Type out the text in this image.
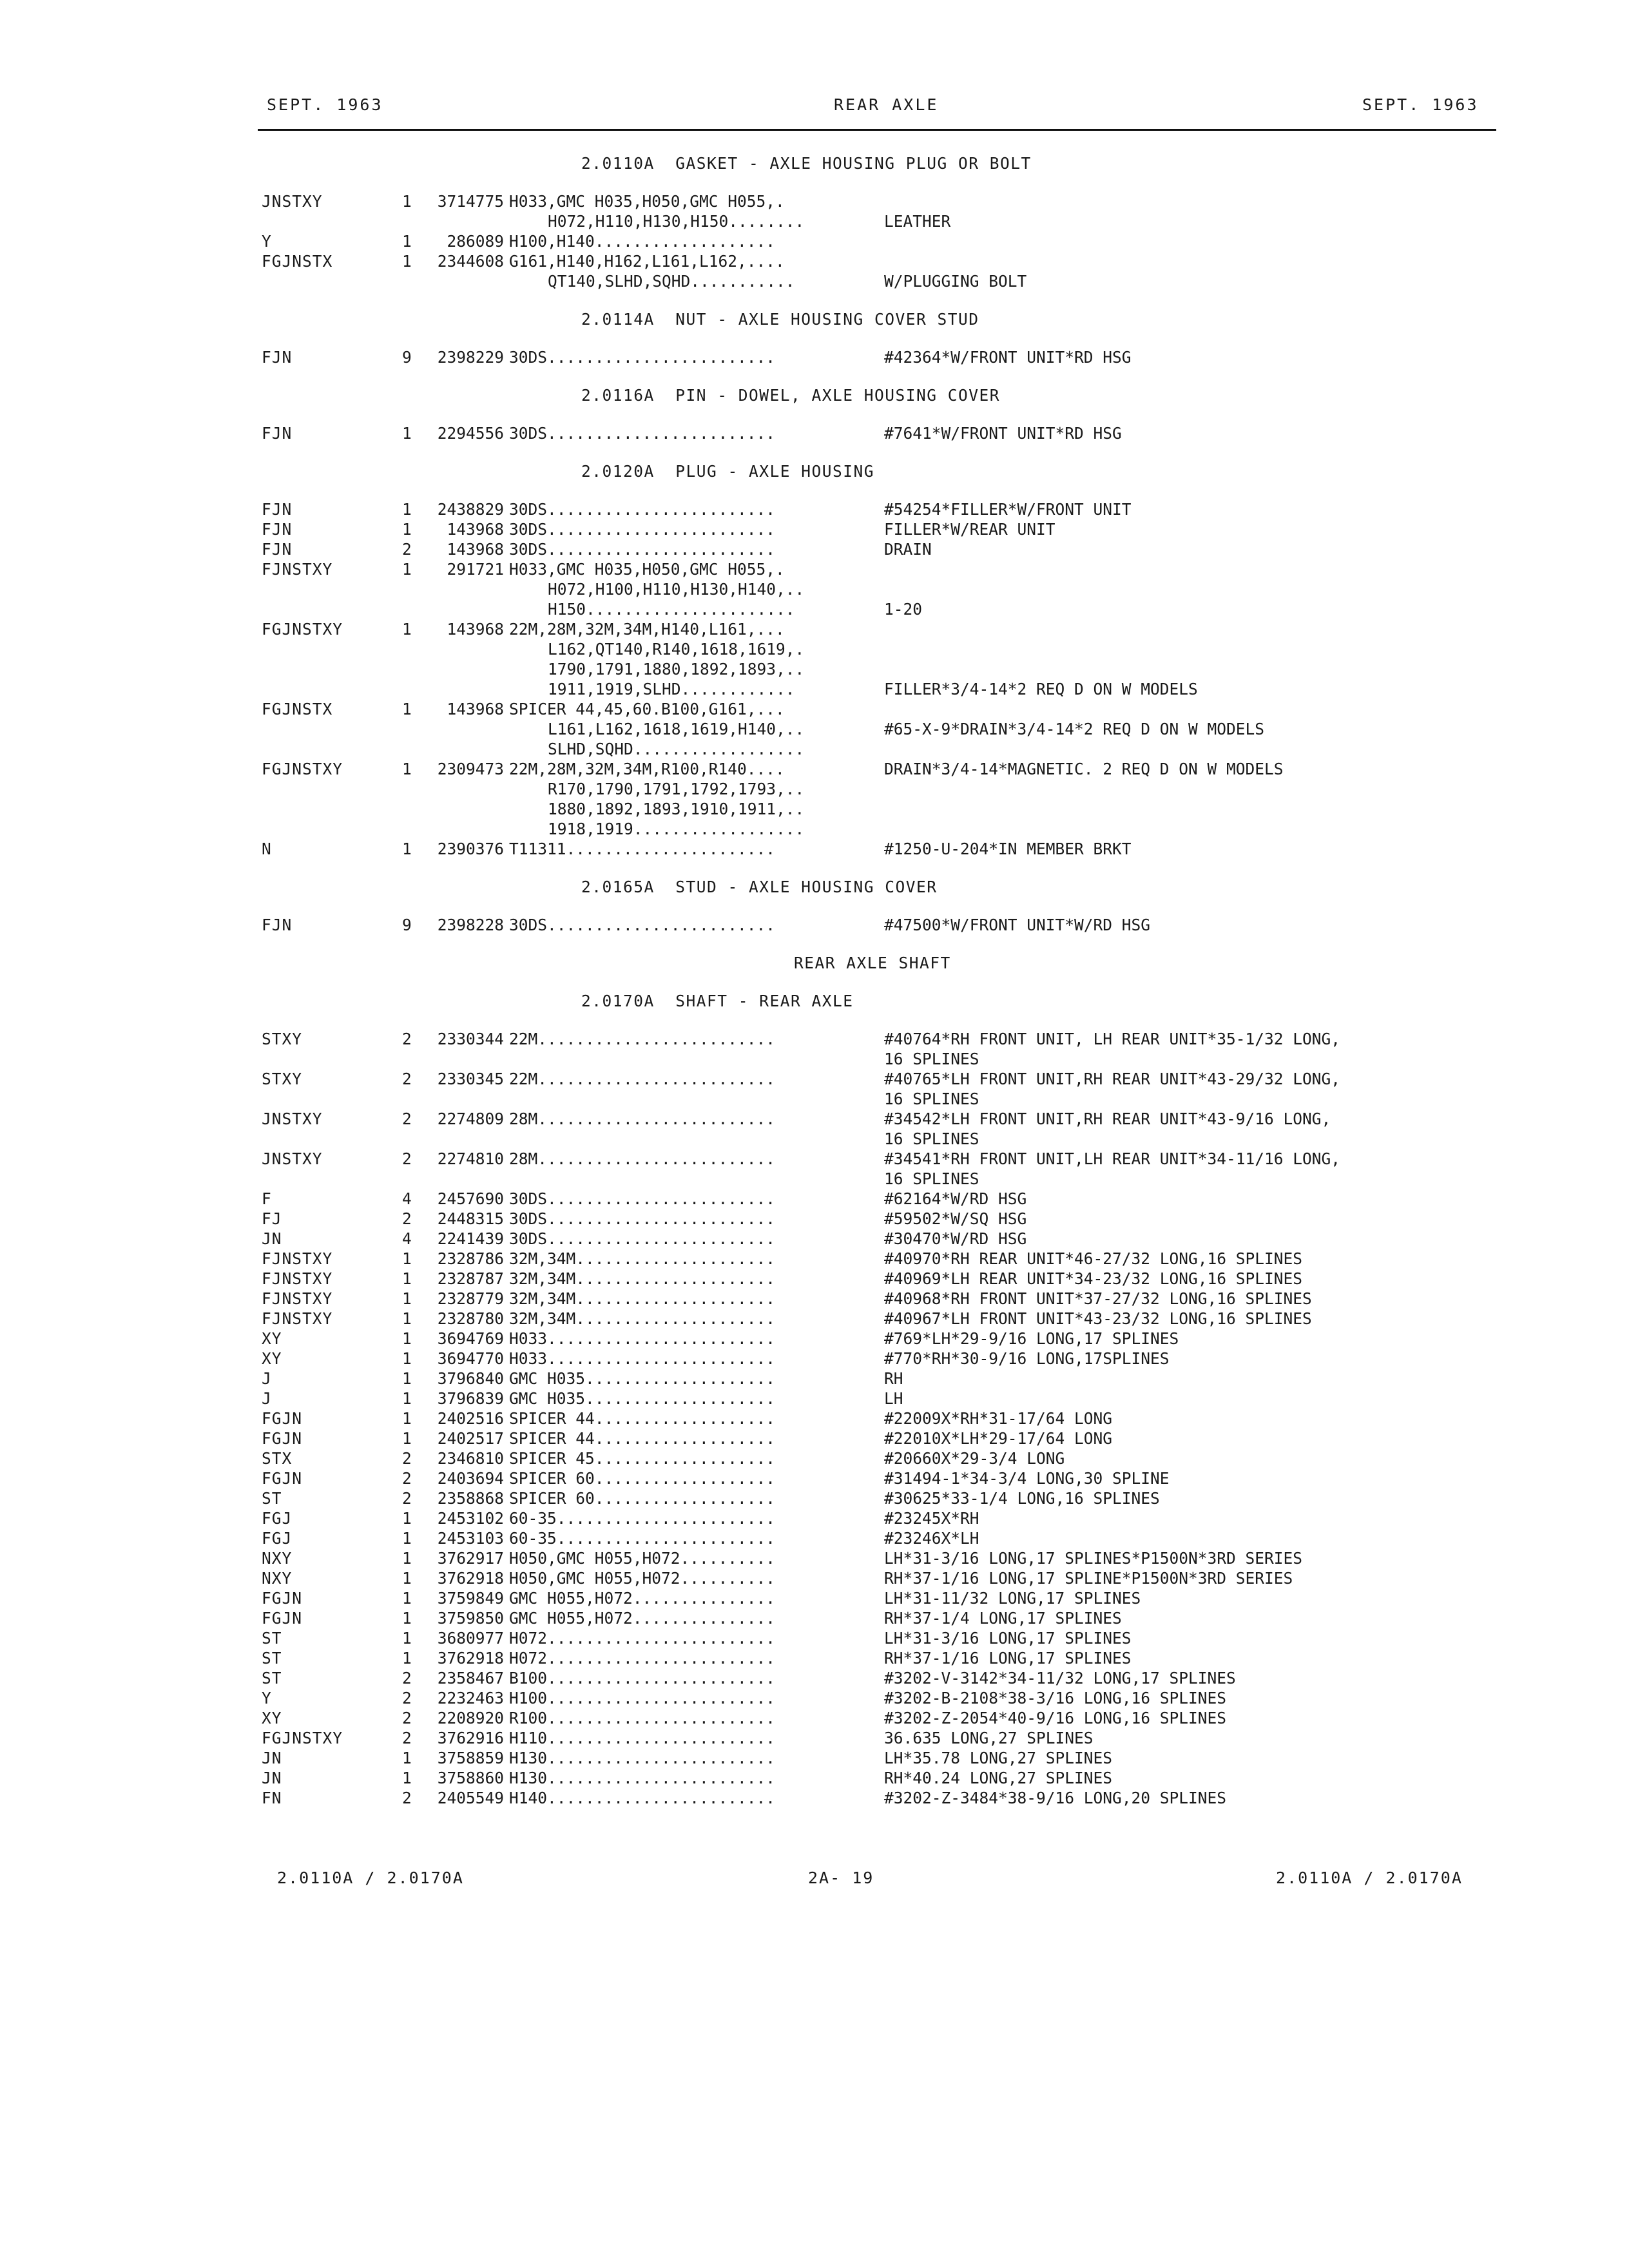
SEPT. 1963	REAR AXLE	SEPT. 1963
2.0110A  GASKET - AXLE HOUSING PLUG OR BOLT
JNSTXY	1	3714775 H033,GMC H035,H050,GMC H055,.
H072,H110,H130,H150........	LEATHER
Y	1	286089 H100,H140...................
FGJNSTX	1	2344608 G161,H140,H162,L161,L162,....
QT140,SLHD,SQHD...........	W/PLUGGING BOLT
2.0114A  NUT - AXLE HOUSING COVER STUD
FJN	9	2398229 30DS........................	#42364*W/FRONT UNIT*RD HSG
2.0116A  PIN - DOWEL, AXLE HOUSING COVER
FJN	1	2294556 30DS........................	#7641*W/FRONT UNIT*RD HSG
2.0120A  PLUG - AXLE HOUSING
FJN	1	2438829 30DS........................	#54254*FILLER*W/FRONT UNIT
FJN	1	143968 30DS........................	FILLER*W/REAR UNIT
FJN	2	143968 30DS........................	DRAIN
FJNSTXY	1	291721 H033,GMC H035,H050,GMC H055,.
H072,H100,H110,H130,H140,..
H150......................	1-20
FGJNSTXY	1	143968 22M,28M,32M,34M,H140,L161,...
L162,QT140,R140,1618,1619,.
1790,1791,1880,1892,1893,..
1911,1919,SLHD............	FILLER*3/4-14*2 REQ D ON W MODELS
FGJNSTX	1	143968 SPICER 44,45,60.B100,G161,...
L161,L162,1618,1619,H140,..	#65-X-9*DRAIN*3/4-14*2 REQ D ON W MODELS
SLHD,SQHD..................
FGJNSTXY	1	2309473 22M,28M,32M,34M,R100,R140....	DRAIN*3/4-14*MAGNETIC. 2 REQ D ON W MODELS
R170,1790,1791,1792,1793,..
1880,1892,1893,1910,1911,..
1918,1919..................
N	1	2390376 T11311......................	#1250-U-204*IN MEMBER BRKT
2.0165A  STUD - AXLE HOUSING COVER
FJN	9	2398228 30DS........................	#47500*W/FRONT UNIT*W/RD HSG
REAR AXLE SHAFT
2.0170A  SHAFT - REAR AXLE
STXY	2	2330344 22M.........................	#40764*RH FRONT UNIT, LH REAR UNIT*35-1/32 LONG,
16 SPLINES
STXY	2	2330345 22M.........................	#40765*LH FRONT UNIT,RH REAR UNIT*43-29/32 LONG,
16 SPLINES
JNSTXY	2	2274809 28M.........................	#34542*LH FRONT UNIT,RH REAR UNIT*43-9/16 LONG,
16 SPLINES
JNSTXY	2	2274810 28M.........................	#34541*RH FRONT UNIT,LH REAR UNIT*34-11/16 LONG,
16 SPLINES
F	4	2457690 30DS........................	#62164*W/RD HSG
FJ	2	2448315 30DS........................	#59502*W/SQ HSG
JN	4	2241439 30DS........................	#30470*W/RD HSG
FJNSTXY	1	2328786 32M,34M.....................	#40970*RH REAR UNIT*46-27/32 LONG,16 SPLINES
FJNSTXY	1	2328787 32M,34M.....................	#40969*LH REAR UNIT*34-23/32 LONG,16 SPLINES
FJNSTXY	1	2328779 32M,34M.....................	#40968*RH FRONT UNIT*37-27/32 LONG,16 SPLINES
FJNSTXY	1	2328780 32M,34M.....................	#40967*LH FRONT UNIT*43-23/32 LONG,16 SPLINES
XY	1	3694769 H033........................	#769*LH*29-9/16 LONG,17 SPLINES
XY	1	3694770 H033........................	#770*RH*30-9/16 LONG,17SPLINES
J	1	3796840 GMC H035....................	RH
J	1	3796839 GMC H035....................	LH
FGJN	1	2402516 SPICER 44...................	#22009X*RH*31-17/64 LONG
FGJN	1	2402517 SPICER 44...................	#22010X*LH*29-17/64 LONG
STX	2	2346810 SPICER 45...................	#20660X*29-3/4 LONG
FGJN	2	2403694 SPICER 60...................	#31494-1*34-3/4 LONG,30 SPLINE
ST	2	2358868 SPICER 60...................	#30625*33-1/4 LONG,16 SPLINES
FGJ	1	2453102 60-35.......................	#23245X*RH
FGJ	1	2453103 60-35.......................	#23246X*LH
NXY	1	3762917 H050,GMC H055,H072..........	LH*31-3/16 LONG,17 SPLINES*P1500N*3RD SERIES
NXY	1	3762918 H050,GMC H055,H072..........	RH*37-1/16 LONG,17 SPLINE*P1500N*3RD SERIES
FGJN	1	3759849 GMC H055,H072...............	LH*31-11/32 LONG,17 SPLINES
FGJN	1	3759850 GMC H055,H072...............	RH*37-1/4 LONG,17 SPLINES
ST	1	3680977 H072........................	LH*31-3/16 LONG,17 SPLINES
ST	1	3762918 H072........................	RH*37-1/16 LONG,17 SPLINES
ST	2	2358467 B100........................	#3202-V-3142*34-11/32 LONG,17 SPLINES
Y	2	2232463 H100........................	#3202-B-2108*38-3/16 LONG,16 SPLINES
XY	2	2208920 R100........................	#3202-Z-2054*40-9/16 LONG,16 SPLINES
FGJNSTXY	2	3762916 H110........................	36.635 LONG,27 SPLINES
JN	1	3758859 H130........................	LH*35.78 LONG,27 SPLINES
JN	1	3758860 H130........................	RH*40.24 LONG,27 SPLINES
FN	2	2405549 H140........................	#3202-Z-3484*38-9/16 LONG,20 SPLINES
2.0110A / 2.0170A	2A- 19	2.0110A / 2.0170A
